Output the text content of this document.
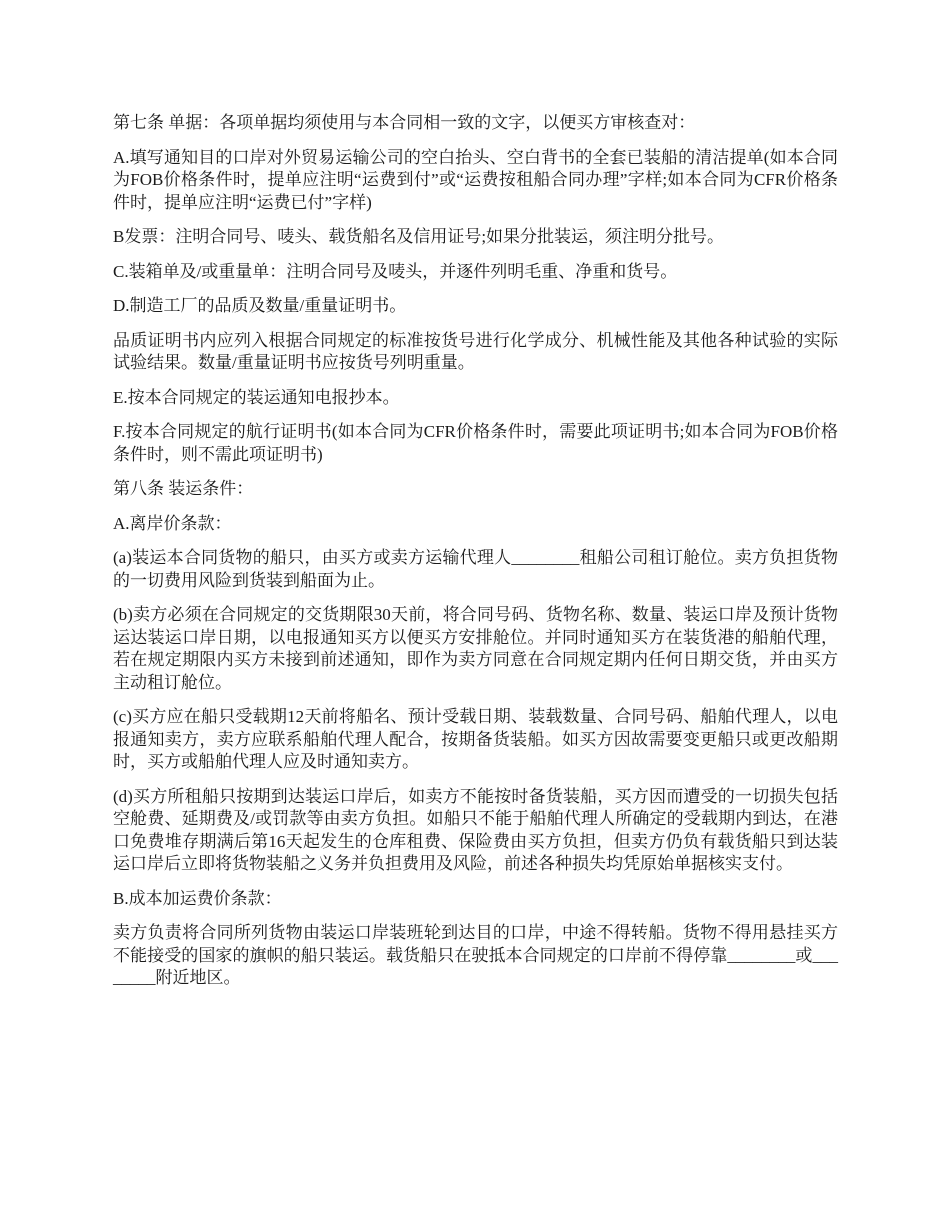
第七条 单据：各项单据均须使用与本合同相一致的文字，以便买方审核查对：

A.填写通知目的口岸对外贸易运输公司的空白抬头、空白背书的全套已装船的清洁提单(如本合同为FOB价格条件时，提单应注明“运费到付”或“运费按租船合同办理”字样;如本合同为CFR价格条件时，提单应注明“运费已付”字样)

B发票：注明合同号、唛头、载货船名及信用证号;如果分批装运，须注明分批号。

C.装箱单及/或重量单：注明合同号及唛头，并逐件列明毛重、净重和货号。

D.制造工厂的品质及数量/重量证明书。

品质证明书内应列入根据合同规定的标准按货号进行化学成分、机械性能及其他各种试验的实际试验结果。数量/重量证明书应按货号列明重量。

E.按本合同规定的装运通知电报抄本。

F.按本合同规定的航行证明书(如本合同为CFR价格条件时，需要此项证明书;如本合同为FOB价格条件时，则不需此项证明书)

第八条 装运条件：

A.离岸价条款：

(a)装运本合同货物的船只，由买方或卖方运输代理人________租船公司租订舱位。卖方负担货物的一切费用风险到货装到船面为止。

(b)卖方必须在合同规定的交货期限30天前，将合同号码、货物名称、数量、装运口岸及预计货物运达装运口岸日期，以电报通知买方以便买方安排舱位。并同时通知买方在装货港的船舶代理，若在规定期限内买方未接到前述通知，即作为卖方同意在合同规定期内任何日期交货，并由买方主动租订舱位。

(c)买方应在船只受载期12天前将船名、预计受载日期、装载数量、合同号码、船舶代理人，以电报通知卖方，卖方应联系船舶代理人配合，按期备货装船。如买方因故需要变更船只或更改船期时，买方或船舶代理人应及时通知卖方。

(d)买方所租船只按期到达装运口岸后，如卖方不能按时备货装船，买方因而遭受的一切损失包括空舱费、延期费及/或罚款等由卖方负担。如船只不能于船舶代理人所确定的受载期内到达，在港口免费堆存期满后第16天起发生的仓库租费、保险费由买方负担，但卖方仍负有载货船只到达装运口岸后立即将货物装船之义务并负担费用及风险，前述各种损失均凭原始单据核实支付。

B.成本加运费价条款：

卖方负责将合同所列货物由装运口岸装班轮到达目的口岸，中途不得转船。货物不得用悬挂买方不能接受的国家的旗帜的船只装运。载货船只在驶抵本合同规定的口岸前不得停靠________或________附近地区。
